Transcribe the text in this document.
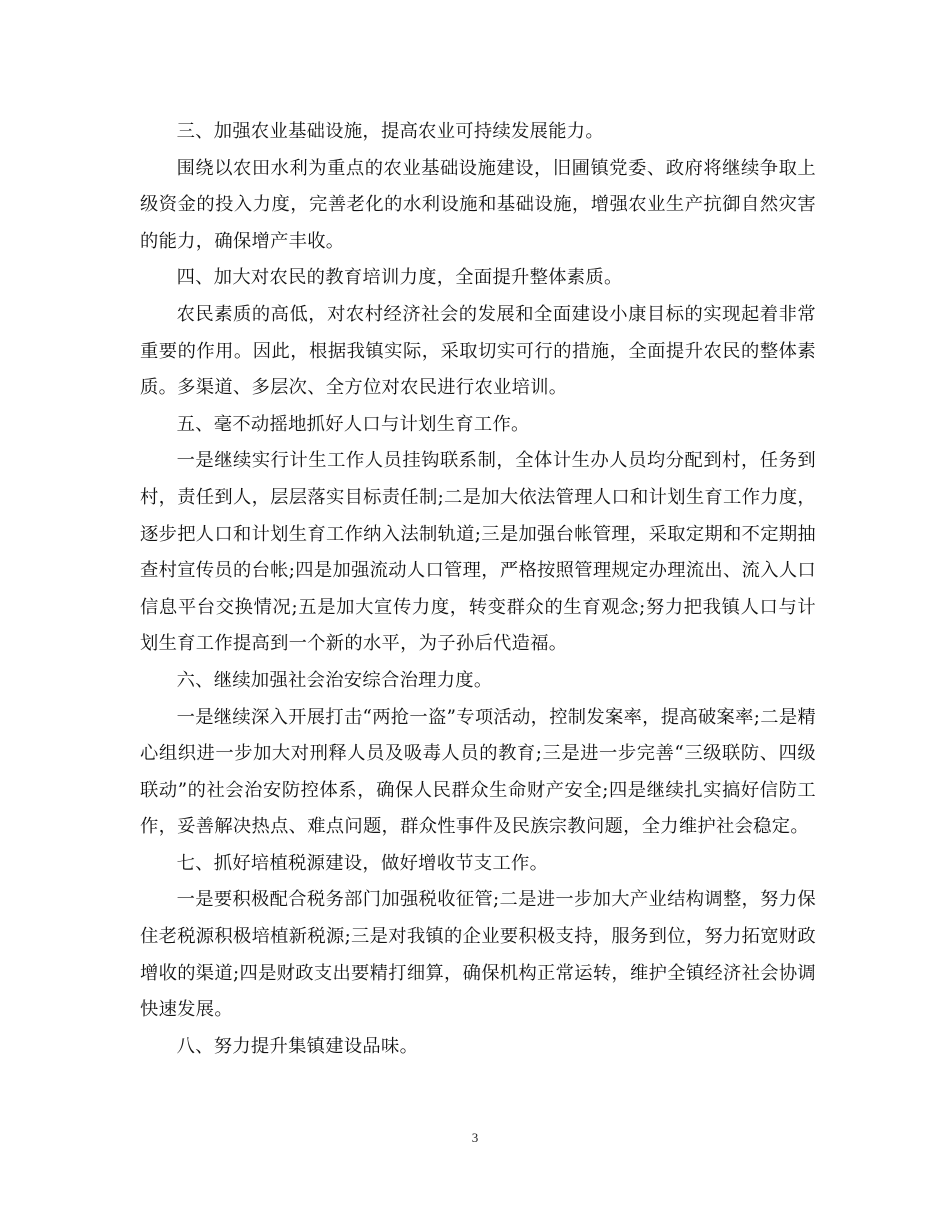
三、加强农业基础设施，提高农业可持续发展能力。

围绕以农田水利为重点的农业基础设施建设，旧圃镇党委、政府将继续争取上级资金的投入力度，完善老化的水利设施和基础设施，增强农业生产抗御自然灾害的能力，确保增产丰收。

四、加大对农民的教育培训力度，全面提升整体素质。

农民素质的高低，对农村经济社会的发展和全面建设小康目标的实现起着非常重要的作用。因此，根据我镇实际，采取切实可行的措施，全面提升农民的整体素质。多渠道、多层次、全方位对农民进行农业培训。

五、毫不动摇地抓好人口与计划生育工作。

一是继续实行计生工作人员挂钩联系制，全体计生办人员均分配到村，任务到村，责任到人，层层落实目标责任制;二是加大依法管理人口和计划生育工作力度，逐步把人口和计划生育工作纳入法制轨道;三是加强台帐管理，采取定期和不定期抽查村宣传员的台帐;四是加强流动人口管理，严格按照管理规定办理流出、流入人口信息平台交换情况;五是加大宣传力度，转变群众的生育观念;努力把我镇人口与计划生育工作提高到一个新的水平，为子孙后代造福。

六、继续加强社会治安综合治理力度。

一是继续深入开展打击“两抢一盗”专项活动，控制发案率，提高破案率;二是精心组织进一步加大对刑释人员及吸毒人员的教育;三是进一步完善“三级联防、四级联动”的社会治安防控体系，确保人民群众生命财产安全;四是继续扎实搞好信防工作，妥善解决热点、难点问题，群众性事件及民族宗教问题，全力维护社会稳定。

七、抓好培植税源建设，做好增收节支工作。

一是要积极配合税务部门加强税收征管;二是进一步加大产业结构调整，努力保住老税源积极培植新税源;三是对我镇的企业要积极支持，服务到位，努力拓宽财政增收的渠道;四是财政支出要精打细算，确保机构正常运转，维护全镇经济社会协调快速发展。

八、努力提升集镇建设品味。

3
